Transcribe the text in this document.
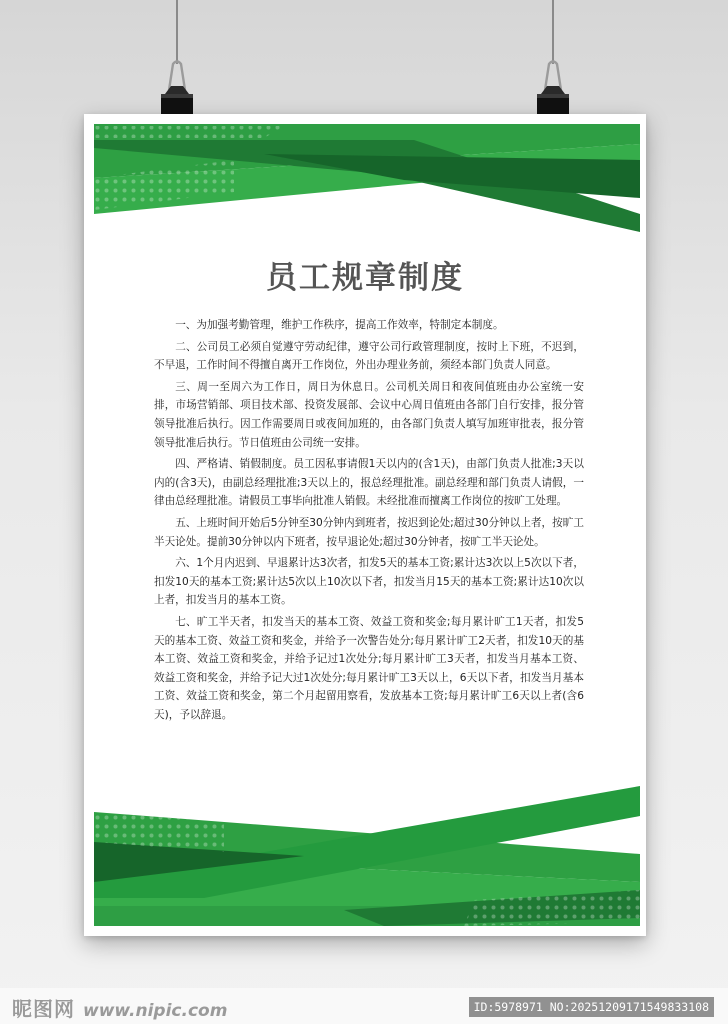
员工规章制度

一、为加强考勤管理，维护工作秩序，提高工作效率，特制定本制度。

二、公司员工必须自觉遵守劳动纪律，遵守公司行政管理制度，按时上下班，不迟到，不早退，工作时间不得擅自离开工作岗位，外出办理业务前，须经本部门负责人同意。

三、周一至周六为工作日，周日为休息日。公司机关周日和夜间值班由办公室统一安排，市场营销部、项目技术部、投资发展部、会议中心周日值班由各部门自行安排，报分管领导批准后执行。因工作需要周日或夜间加班的，由各部门负责人填写加班审批表，报分管领导批准后执行。节日值班由公司统一安排。

四、严格请、销假制度。员工因私事请假1天以内的(含1天)，由部门负责人批准;3天以内的(含3天)，由副总经理批准;3天以上的，报总经理批准。副总经理和部门负责人请假，一律由总经理批准。请假员工事毕向批准人销假。未经批准而擅离工作岗位的按旷工处理。

五、上班时间开始后5分钟至30分钟内到班者，按迟到论处;超过30分钟以上者，按旷工半天论处。提前30分钟以内下班者，按早退论处;超过30分钟者，按旷工半天论处。

六、1个月内迟到、早退累计达3次者，扣发5天的基本工资;累计达3次以上5次以下者，扣发10天的基本工资;累计达5次以上10次以下者，扣发当月15天的基本工资;累计达10次以上者，扣发当月的基本工资。

七、旷工半天者，扣发当天的基本工资、效益工资和奖金;每月累计旷工1天者，扣发5天的基本工资、效益工资和奖金，并给予一次警告处分;每月累计旷工2天者，扣发10天的基本工资、效益工资和奖金，并给予记过1次处分;每月累计旷工3天者，扣发当月基本工资、效益工资和奖金，并给予记大过1次处分;每月累计旷工3天以上，6天以下者，扣发当月基本工资、效益工资和奖金，第二个月起留用察看，发放基本工资;每月累计旷工6天以上者(含6天)，予以辞退。

昵图网 www.nipic.com	ID:5978971 NO:20251209171549833108
